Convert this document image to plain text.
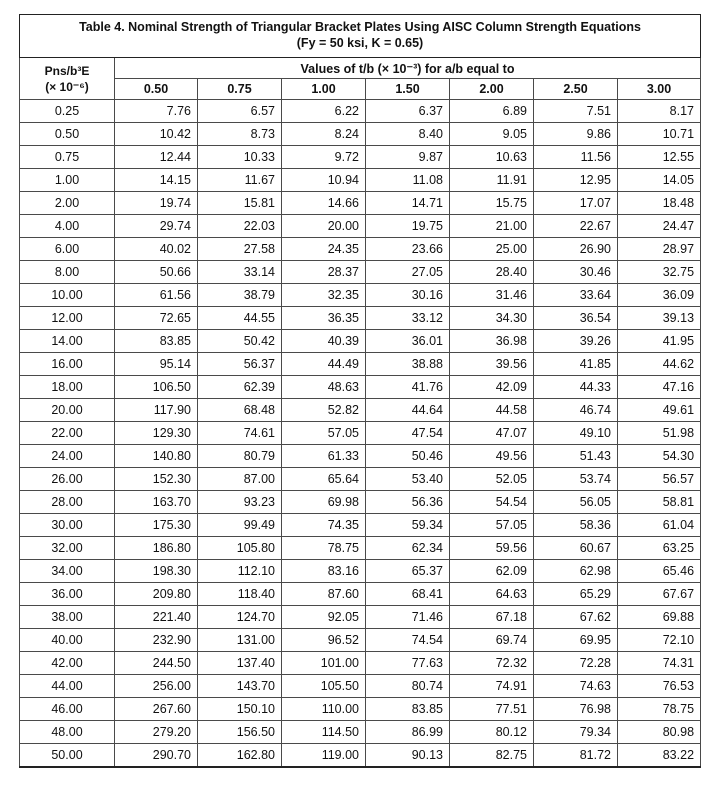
Table 4. Nominal Strength of Triangular Bracket Plates Using AISC Column Strength Equations
(Fy = 50 ksi, K = 0.65)							

Pns/b³E
(× 10⁻⁶)	Values of t/b (× 10⁻³) for a/b equal to						
	0.50	0.75	1.00	1.50	2.00	2.50	3.00
0.25	7.76	6.57	6.22	6.37	6.89	7.51	8.17
0.50	10.42	8.73	8.24	8.40	9.05	9.86	10.71
0.75	12.44	10.33	9.72	9.87	10.63	11.56	12.55
1.00	14.15	11.67	10.94	11.08	11.91	12.95	14.05
2.00	19.74	15.81	14.66	14.71	15.75	17.07	18.48
4.00	29.74	22.03	20.00	19.75	21.00	22.67	24.47
6.00	40.02	27.58	24.35	23.66	25.00	26.90	28.97
8.00	50.66	33.14	28.37	27.05	28.40	30.46	32.75
10.00	61.56	38.79	32.35	30.16	31.46	33.64	36.09
12.00	72.65	44.55	36.35	33.12	34.30	36.54	39.13
14.00	83.85	50.42	40.39	36.01	36.98	39.26	41.95
16.00	95.14	56.37	44.49	38.88	39.56	41.85	44.62
18.00	106.50	62.39	48.63	41.76	42.09	44.33	47.16
20.00	117.90	68.48	52.82	44.64	44.58	46.74	49.61
22.00	129.30	74.61	57.05	47.54	47.07	49.10	51.98
24.00	140.80	80.79	61.33	50.46	49.56	51.43	54.30
26.00	152.30	87.00	65.64	53.40	52.05	53.74	56.57
28.00	163.70	93.23	69.98	56.36	54.54	56.05	58.81
30.00	175.30	99.49	74.35	59.34	57.05	58.36	61.04
32.00	186.80	105.80	78.75	62.34	59.56	60.67	63.25
34.00	198.30	112.10	83.16	65.37	62.09	62.98	65.46
36.00	209.80	118.40	87.60	68.41	64.63	65.29	67.67
38.00	221.40	124.70	92.05	71.46	67.18	67.62	69.88
40.00	232.90	131.00	96.52	74.54	69.74	69.95	72.10
42.00	244.50	137.40	101.00	77.63	72.32	72.28	74.31
44.00	256.00	143.70	105.50	80.74	74.91	74.63	76.53
46.00	267.60	150.10	110.00	83.85	77.51	76.98	78.75
48.00	279.20	156.50	114.50	86.99	80.12	79.34	80.98
50.00	290.70	162.80	119.00	90.13	82.75	81.72	83.22
